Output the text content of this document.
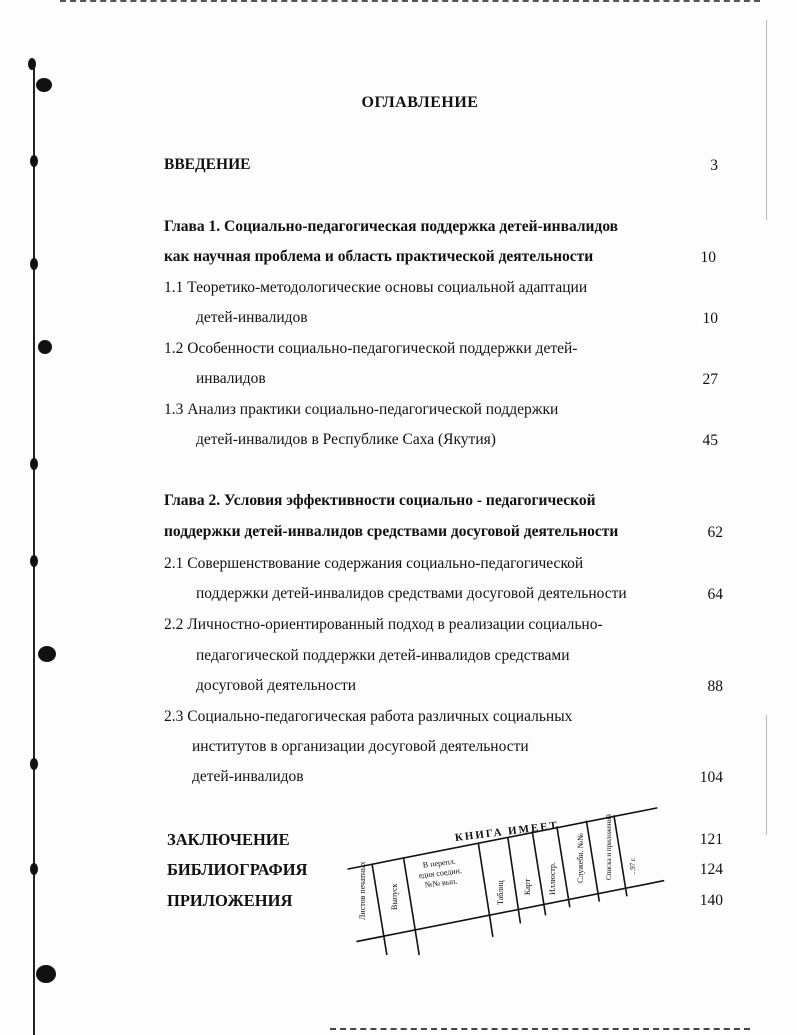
ОГЛАВЛЕНИЕ
ВВЕДЕНИЕ	3
Глава 1. Социально-педагогическая поддержка детей-инвалидов
как научная проблема и область практической деятельности	10
1.1 Теоретико-методологические основы социальной адаптации
детей-инвалидов	10
1.2 Особенности социально-педагогической поддержки детей-
инвалидов	27
1.3 Анализ практики социально-педагогической поддержки
детей-инвалидов в Республике Саха (Якутия)	45
Глава 2. Условия эффективности социально - педагогической
поддержки детей-инвалидов средствами досуговой деятельности	62
2.1 Совершенствование содержания социально-педагогической
поддержки детей-инвалидов средствами досуговой деятельности	64
2.2 Личностно-ориентированный подход в реализации социально-
педагогической поддержки детей-инвалидов средствами
досуговой деятельности	88
2.3 Социально-педагогическая работа различных социальных
институтов в организации досуговой деятельности
детей-инвалидов	104
ЗАКЛЮЧЕНИЕ	121
БИБЛИОГРАФИЯ	124
ПРИЛОЖЕНИЯ	140
КНИГА ИМЕЕТ
Листов печатных	Выпуск
В перепл.
едня соедин.
№№ вып.	Таблиц Карт Иллюстр. Служебн. №№	Списка и приложений ...97 г.
